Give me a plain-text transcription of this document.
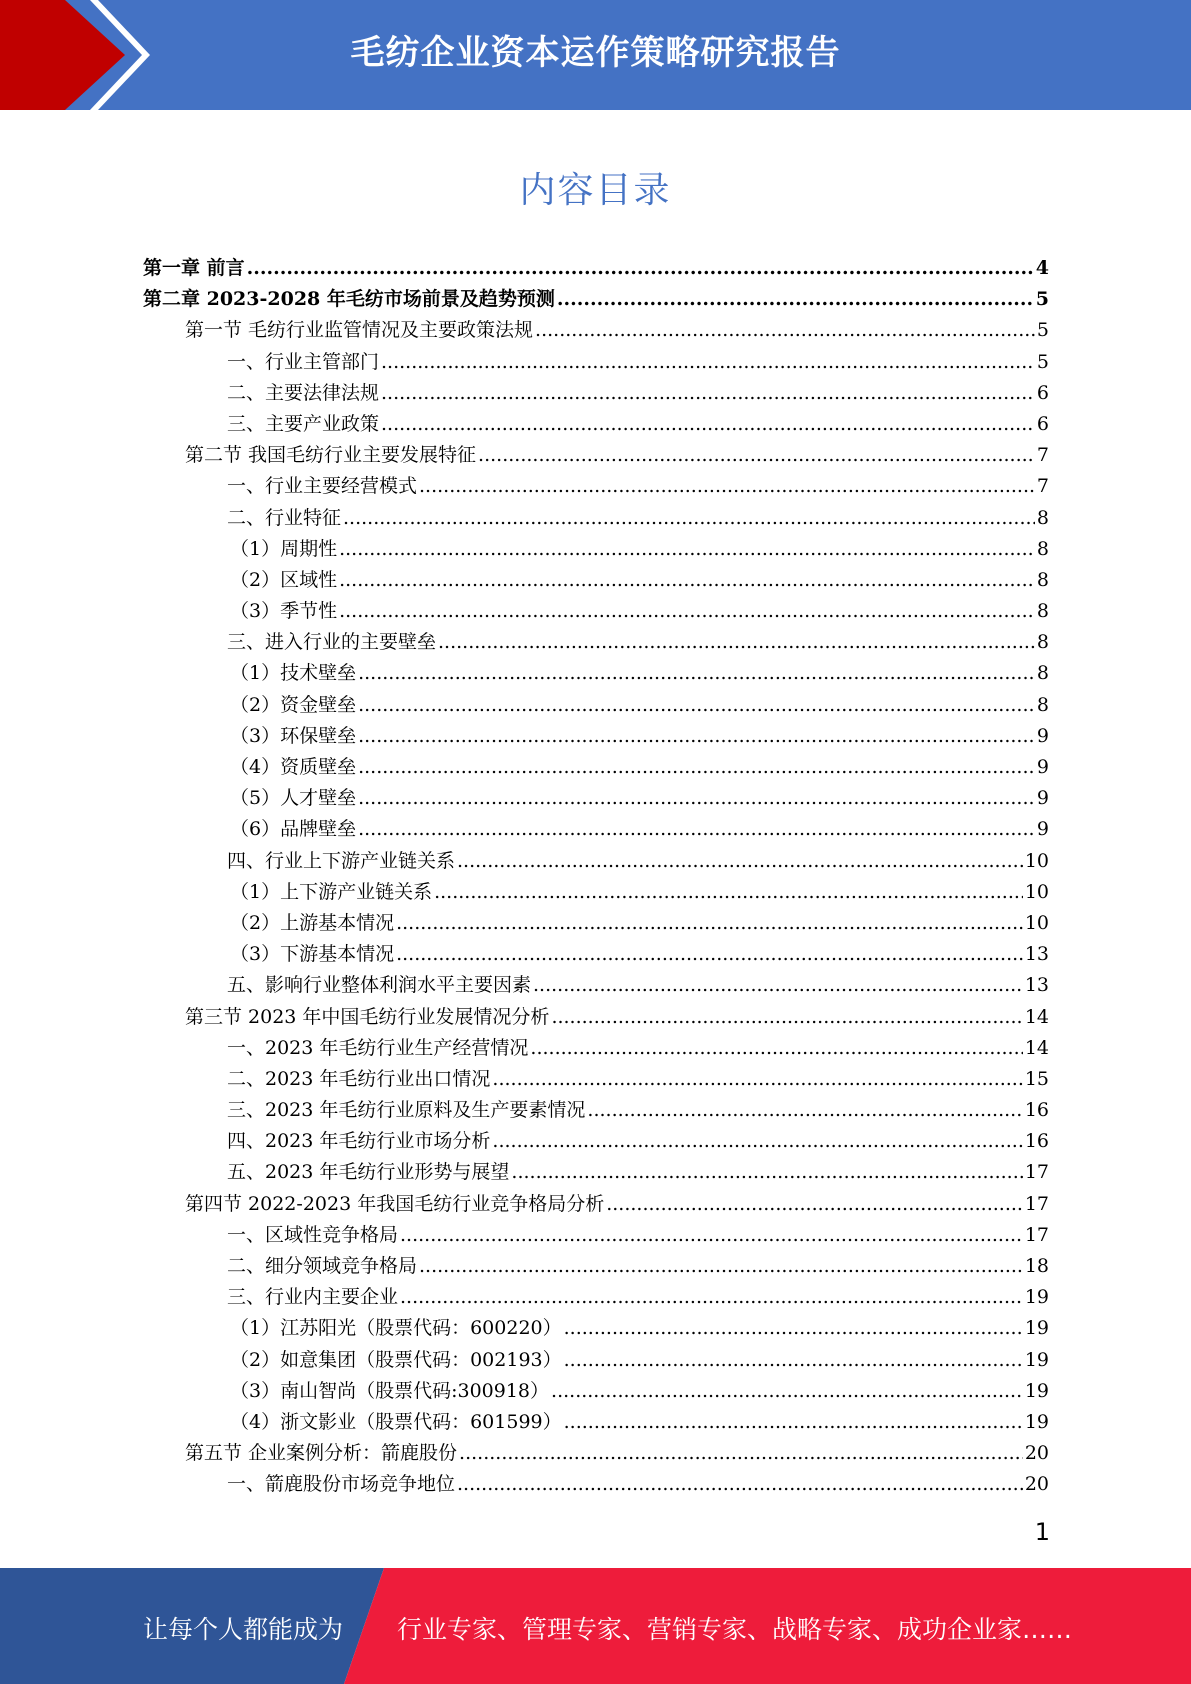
毛纺企业资本运作策略研究报告
内容目录
第一章 前言 .....	4
第二章 2023-2028 年毛纺市场前景及趋势预测 .....	5
第一节 毛纺行业监管情况及主要政策法规 .....	5
一、行业主管部门 .....	5
二、主要法律法规 .....	6
三、主要产业政策 .....	6
第二节 我国毛纺行业主要发展特征 .....	7
一、行业主要经营模式 .....	7
二、行业特征 .....	8
（1）周期性 .....	8
（2）区域性 .....	8
（3）季节性 .....	8
三、进入行业的主要壁垒 .....	8
（1）技术壁垒 .....	8
（2）资金壁垒 .....	8
（3）环保壁垒 .....	9
（4）资质壁垒 .....	9
（5）人才壁垒 .....	9
（6）品牌壁垒 .....	9
四、行业上下游产业链关系 .....	10
（1）上下游产业链关系 .....	10
（2）上游基本情况 .....	10
（3）下游基本情况 .....	13
五、影响行业整体利润水平主要因素 .....	13
第三节 2023 年中国毛纺行业发展情况分析 .....	14
一、2023 年毛纺行业生产经营情况 .....	14
二、2023 年毛纺行业出口情况 .....	15
三、2023 年毛纺行业原料及生产要素情况 .....	16
四、2023 年毛纺行业市场分析 .....	16
五、2023 年毛纺行业形势与展望 .....	17
第四节 2022-2023 年我国毛纺行业竞争格局分析 .....	17
一、区域性竞争格局 .....	17
二、细分领域竞争格局 .....	18
三、行业内主要企业 .....	19
（1）江苏阳光（股票代码：600220） .....	19
（2）如意集团（股票代码：002193） .....	19
（3）南山智尚（股票代码:300918） .....	19
（4）浙文影业（股票代码：601599） .....	19
第五节 企业案例分析：箭鹿股份 .....	20
一、箭鹿股份市场竞争地位 .....	20
1
让每个人都能成为 行业专家、管理专家、营销专家、战略专家、成功企业家……
